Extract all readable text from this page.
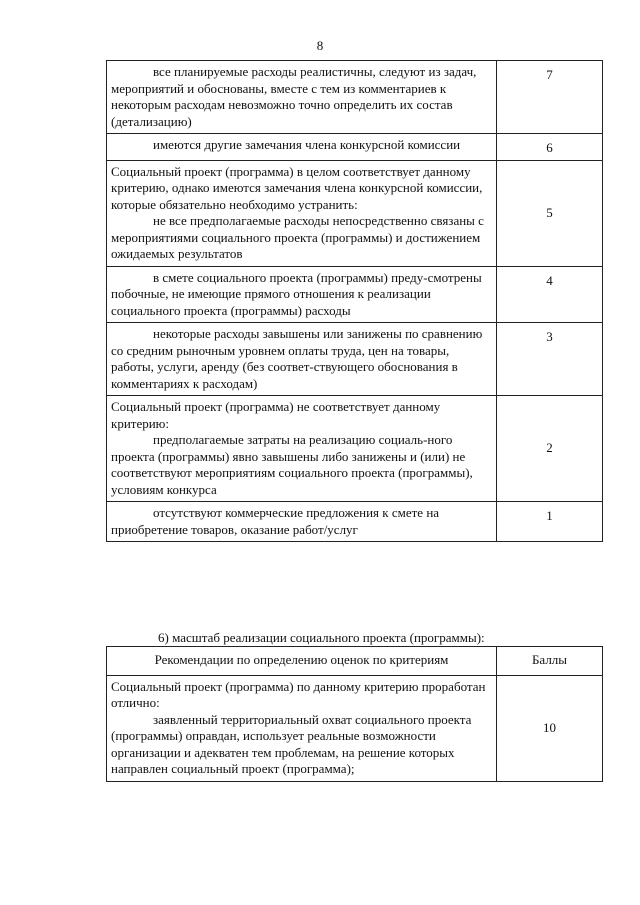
8
все планируемые расходы реалистичны, следуют из задач, мероприятий и обоснованы, вместе с тем из комментариев к некоторым расходам невозможно точно определить их состав (детализацию)	7

имеются другие замечания члена конкурсной комиссии	6

Социальный проект (программа) в целом соответствует данному критерию, однако имеются замечания члена конкурсной комиссии, которые обязательно необходимо устранить:
не все предполагаемые расходы непосредственно связаны с мероприятиями социального проекта (программы) и достижением ожидаемых результатов	5

в смете социального проекта (программы) преду-смотрены побочные, не имеющие прямого отношения к реализации социального проекта (программы) расходы	4

некоторые расходы завышены или занижены по сравнению со средним рыночным уровнем оплаты труда, цен на товары, работы, услуги, аренду (без соответ-ствующего обоснования в комментариях к расходам)	3

Социальный проект (программа) не соответствует данному критерию:
предполагаемые затраты на реализацию социаль-ного проекта (программы) явно завышены либо занижены и (или) не соответствуют мероприятиям социального проекта (программы), условиям конкурса	2

отсутствуют коммерческие предложения к смете на приобретение товаров, оказание работ/услуг	1
6) масштаб реализации социального проекта (программы):
Рекомендации по определению оценок по критериям	Баллы

Социальный проект (программа) по данному критерию проработан отлично:
заявленный территориальный охват социального проекта (программы) оправдан, использует реальные возможности организации и адекватен тем проблемам, на решение которых направлен социальный проект (программа);	10
